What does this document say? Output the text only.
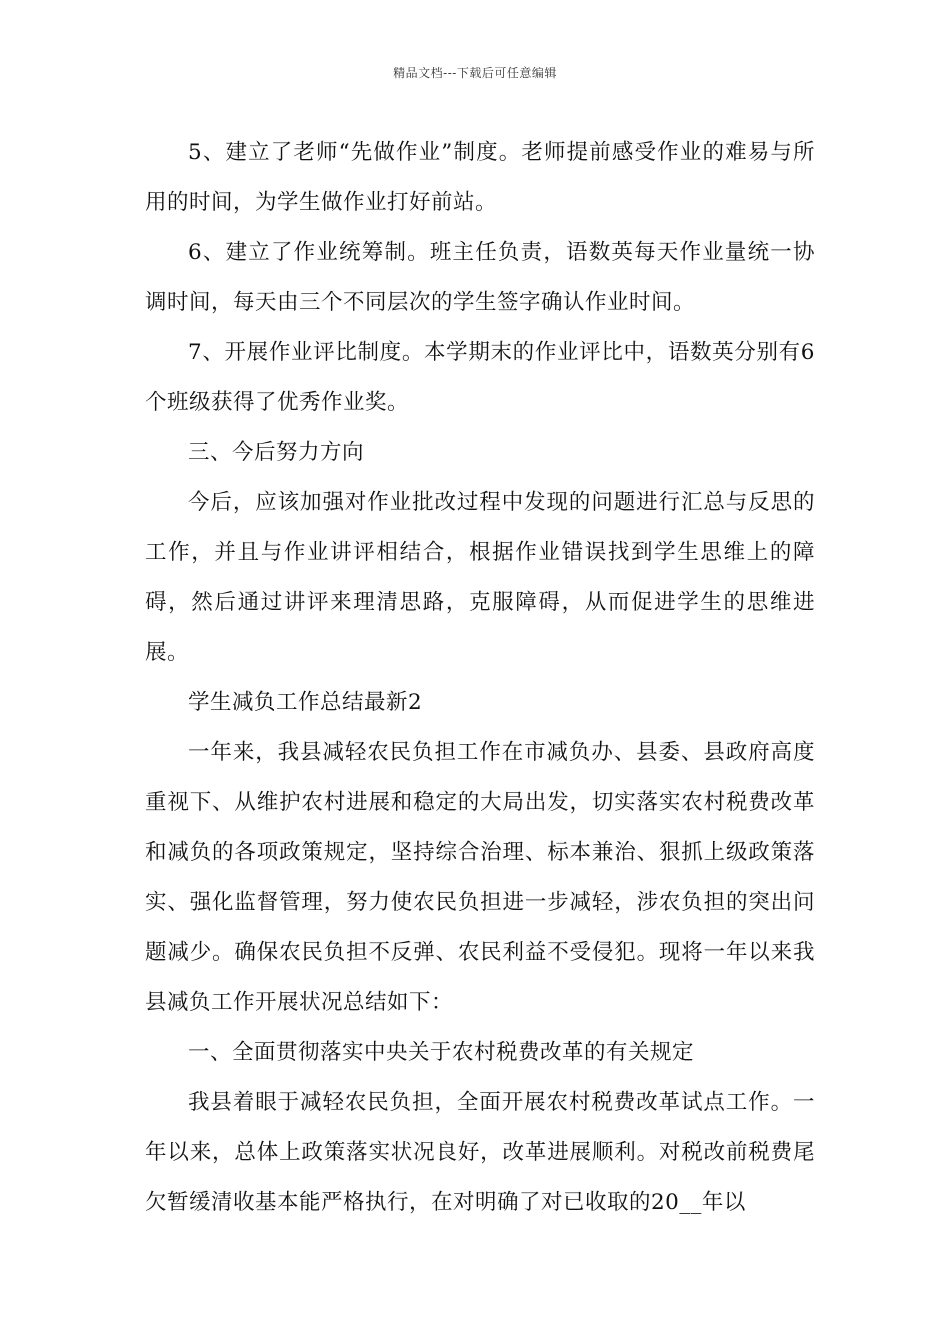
精品文档---下载后可任意编辑

5、建立了老师“先做作业”制度。老师提前感受作业的难易与所用的时间，为学生做作业打好前站。

6、建立了作业统筹制。班主任负责，语数英每天作业量统一协调时间，每天由三个不同层次的学生签字确认作业时间。

7、开展作业评比制度。本学期末的作业评比中，语数英分别有6个班级获得了优秀作业奖。

三、今后努力方向

今后，应该加强对作业批改过程中发现的问题进行汇总与反思的工作，并且与作业讲评相结合，根据作业错误找到学生思维上的障碍，然后通过讲评来理清思路，克服障碍，从而促进学生的思维进展。

学生减负工作总结最新2

一年来，我县减轻农民负担工作在市减负办、县委、县政府高度重视下、从维护农村进展和稳定的大局出发，切实落实农村税费改革和减负的各项政策规定，坚持综合治理、标本兼治、狠抓上级政策落实、强化监督管理，努力使农民负担进一步减轻，涉农负担的突出问题减少。确保农民负担不反弹、农民利益不受侵犯。现将一年以来我县减负工作开展状况总结如下：

一、全面贯彻落实中央关于农村税费改革的有关规定

我县着眼于减轻农民负担，全面开展农村税费改革试点工作。一年以来，总体上政策落实状况良好，改革进展顺利。对税改前税费尾欠暂缓清收基本能严格执行，在对明确了对已收取的20__年以
